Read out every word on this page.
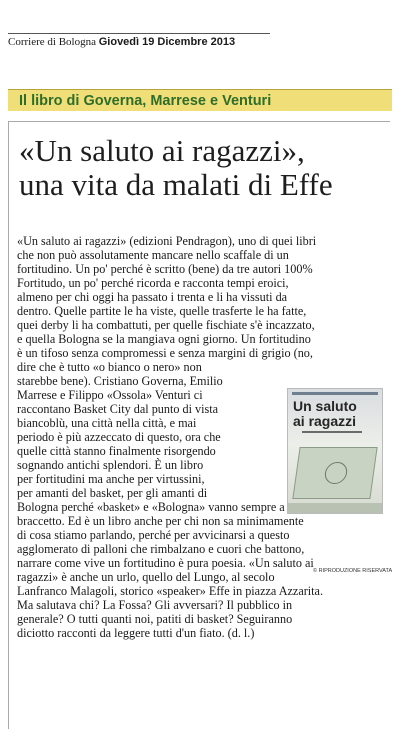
Corriere di Bologna Giovedì 19 Dicembre 2013
Il libro di Governa, Marrese e Venturi
«Un saluto ai ragazzi»,
una vita da malati di Effe
«Un saluto ai ragazzi» (edizioni Pendragon), uno di quei libri
che non può assolutamente mancare nello scaffale di un
fortitudino. Un po' perché è scritto (bene) da tre autori 100%
Fortitudo, un po' perché ricorda e racconta tempi eroici,
almeno per chi oggi ha passato i trenta e li ha vissuti da
dentro. Quelle partite le ha viste, quelle trasferte le ha fatte,
quei derby li ha combattuti, per quelle fischiate s'è incazzato,
e quella Bologna se la mangiava ogni giorno. Un fortitudino
è un tifoso senza compromessi e senza margini di grigio (no,
dire che è tutto «o bianco o nero» non
starebbe bene). Cristiano Governa, Emilio
Marrese e Filippo «Ossola» Venturi ci
raccontano Basket City dal punto di vista
biancoblù, una città nella città, e mai
periodo è più azzeccato di questo, ora che
quelle città stanno finalmente risorgendo
sognando antichi splendori. È un libro
per fortitudini ma anche per virtussini,
per amanti del basket, per gli amanti di
Bologna perché «basket» e «Bologna» vanno sempre a
braccetto. Ed è un libro anche per chi non sa minimamente
di cosa stiamo parlando, perché per avvicinarsi a questo
agglomerato di palloni che rimbalzano e cuori che battono,
narrare come vive un fortitudino è pura poesia. «Un saluto ai
ragazzi» è anche un urlo, quello del Lungo, al secolo
Lanfranco Malagoli, storico «speaker» Effe in piazza Azzarita.
Ma salutava chi? La Fossa? Gli avversari? Il pubblico in
generale? O tutti quanti noi, patiti di basket? Seguiranno
diciotto racconti da leggere tutti d'un fiato. (d. l.)
Un saluto
ai ragazzi
© RIPRODUZIONE RISERVATA
